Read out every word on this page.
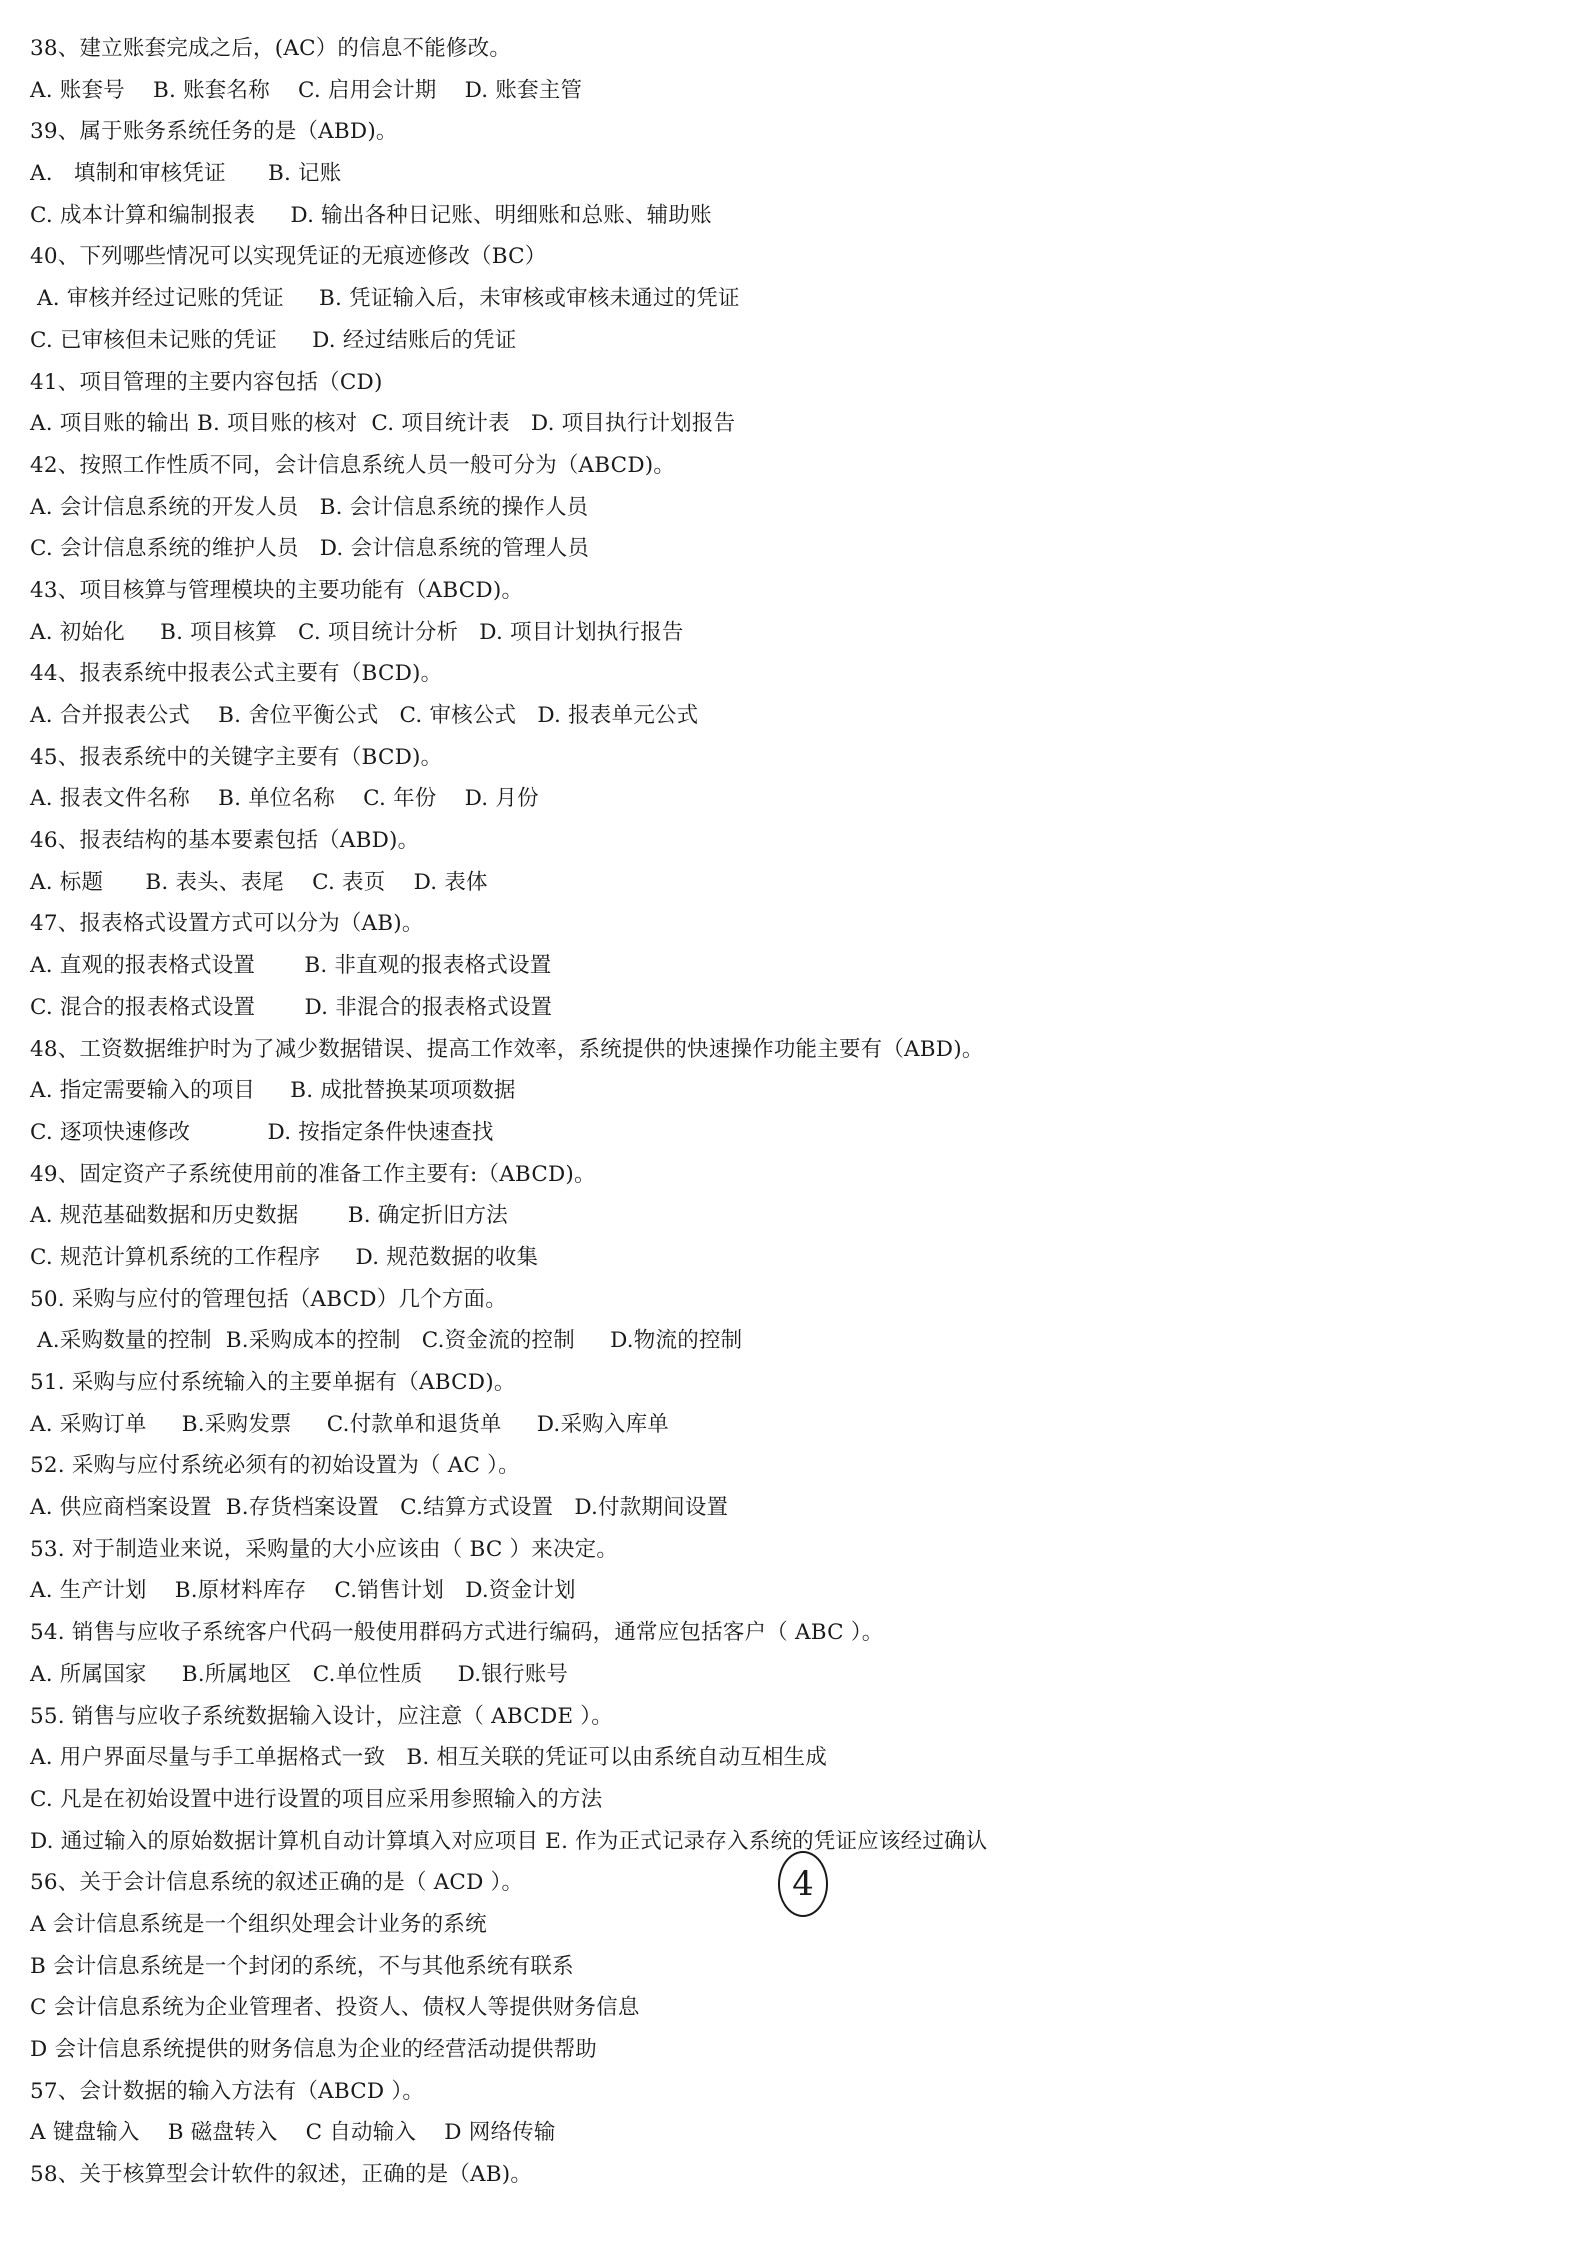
38、建立账套完成之后，(AC）的信息不能修改。
A. 账套号    B. 账套名称    C. 启用会计期    D. 账套主管
39、属于账务系统任务的是（ABD)。
A.   填制和审核凭证      B. 记账
C. 成本计算和编制报表     D. 输出各种日记账、明细账和总账、辅助账
40、下列哪些情况可以实现凭证的无痕迹修改（BC）
A. 审核并经过记账的凭证     B. 凭证输入后，未审核或审核未通过的凭证
C. 已审核但未记账的凭证     D. 经过结账后的凭证
41、项目管理的主要内容包括（CD)
A. 项目账的输出 B. 项目账的核对  C. 项目统计表   D. 项目执行计划报告
42、按照工作性质不同，会计信息系统人员一般可分为（ABCD)。
A. 会计信息系统的开发人员   B. 会计信息系统的操作人员
C. 会计信息系统的维护人员   D. 会计信息系统的管理人员
43、项目核算与管理模块的主要功能有（ABCD)。
A. 初始化     B. 项目核算   C. 项目统计分析   D. 项目计划执行报告
44、报表系统中报表公式主要有（BCD)。
A. 合并报表公式    B. 舍位平衡公式   C. 审核公式   D. 报表单元公式
45、报表系统中的关键字主要有（BCD)。
A. 报表文件名称    B. 单位名称    C. 年份    D. 月份
46、报表结构的基本要素包括（ABD)。
A. 标题      B. 表头、表尾    C. 表页    D. 表体
47、报表格式设置方式可以分为（AB)。
A. 直观的报表格式设置       B. 非直观的报表格式设置
C. 混合的报表格式设置       D. 非混合的报表格式设置
48、工资数据维护时为了减少数据错误、提高工作效率，系统提供的快速操作功能主要有（ABD)。
A. 指定需要输入的项目     B. 成批替换某项项数据
C. 逐项快速修改           D. 按指定条件快速查找
49、固定资产子系统使用前的准备工作主要有:（ABCD)。
A. 规范基础数据和历史数据       B. 确定折旧方法
C. 规范计算机系统的工作程序     D. 规范数据的收集
50. 采购与应付的管理包括（ABCD）几个方面。
A.采购数量的控制  B.采购成本的控制   C.资金流的控制     D.物流的控制
51. 采购与应付系统输入的主要单据有（ABCD)。
A. 采购订单     B.采购发票     C.付款单和退货单     D.采购入库单
52. 采购与应付系统必须有的初始设置为（ AC ）。
A. 供应商档案设置  B.存货档案设置   C.结算方式设置   D.付款期间设置
53. 对于制造业来说，采购量的大小应该由（ BC ）来决定。
A. 生产计划    B.原材料库存    C.销售计划   D.资金计划
54. 销售与应收子系统客户代码一般使用群码方式进行编码，通常应包括客户（ ABC ）。
A. 所属国家     B.所属地区   C.单位性质     D.银行账号
55. 销售与应收子系统数据输入设计，应注意（ ABCDE ）。
A. 用户界面尽量与手工单据格式一致   B. 相互关联的凭证可以由系统自动互相生成
C. 凡是在初始设置中进行设置的项目应采用参照输入的方法
D. 通过输入的原始数据计算机自动计算填入对应项目 E. 作为正式记录存入系统的凭证应该经过确认
56、关于会计信息系统的叙述正确的是（ ACD ）。
A 会计信息系统是一个组织处理会计业务的系统
B 会计信息系统是一个封闭的系统，不与其他系统有联系
C 会计信息系统为企业管理者、投资人、债权人等提供财务信息
D 会计信息系统提供的财务信息为企业的经营活动提供帮助
57、会计数据的输入方法有（ABCD ）。
A 键盘输入    B 磁盘转入    C 自动输入    D 网络传输
58、关于核算型会计软件的叙述，正确的是（AB)。
4
